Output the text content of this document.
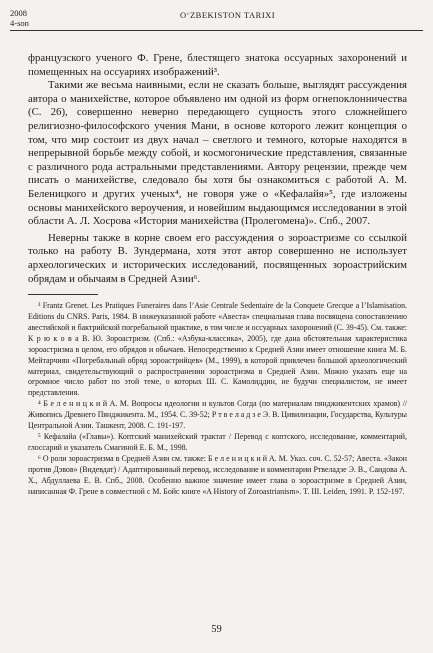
2008
4-son
O‘ZBEKISTON TARIXI

французского ученого Ф. Грене, блестящего знатока оссуарных захоронений и помещенных на оссуариях изображений³.

Такими же весьма наивными, если не сказать больше, выглядят рассуждения автора о манихействе, которое объявлено им одной из форм огнепоклонничества (С. 26), совершенно неверно передающего сущность этого сложнейшего религиозно-философского учения Мани, в основе которого лежит концепция о том, что мир состоит из двух начал – светлого и темного, которые находятся в непрерывной борьбе между собой, и космогонические представления, связанные с различного рода астральными представлениями. Автору рецензии, прежде чем писать о манихействе, следовало бы хотя бы ознакомиться с работой А. М. Беленицкого и других ученых⁴, не говоря уже о «Кефалайя»⁵, где изложены основы манихейского вероучения, и новейшим выдающимся исследовании в этой области А. Л. Хосрова «История манихейства (Пролегомена)». Спб., 2007.

Неверны также в корне своем его рассуждения о зороастризме со ссылкой только на работу В. Зундермана, хотя этот автор совершенно не использует археологических и исторических исследований, посвященных зороастрийским обрядам и обычаям в Средней Азии⁶.

³ Frantz Grenet. Les Pratiques Funeraires dans l’Asie Centrale Sedentaire de la Conquete Grecque a l’Islamisation. Editions du CNRS. Paris, 1984. В нижеуказанной работе «Авеста» специальная глава посвящена сопоставлению авестийской и бактрийской погребальной практике, в том числе и оссуарных захоронений (С. 39-45). См. также: К р ю к о в а В. Ю. Зороастризм. (Спб.: «Азбука-классика», 2005), где дана обстоятельная характеристика зороастризма в целом, его обрядов и обычаев. Непосредственно к Средней Азии имеет отношение книга М. Б. Мейтарчиян «Погребальный обряд зороастрийцев» (М., 1999), в которой привлечен большой археологический материал, свидетельствующий о распространении зороастризма в Средней Азии. Можно указать еще на огромное число работ по этой теме, о которых Ш. С. Камолиддин, не будучи специалистом, не имеет представления.

⁴ Б е л е н и ц к и й А. М. Вопросы идеологии и культов Согда (по материалам пянджикентских храмов) // Живопись Древнего Пянджикента. М., 1954. С. 39-52; Р т в е л а д з е Э. В. Цивилизации, Государства, Культуры Центральной Азии. Ташкент, 2008. С. 191-197.

⁵ Кефалайа («Главы»). Коптский манихейский трактат / Перевод с коптского, исследование, комментарий, глоссарий и указатель Смагиной Е. Б. М., 1998.

⁶ О роли зороастризма в Средней Азии см. также: Б е л е н и ц к и й А. М. Указ. соч. С. 52-57; Авеста. «Закон против Дэвов» (Видевдат) / Адаптированный перевод, исследование и комментарии Ртвеладзе Э. В., Саидова А. Х., Абдуллаева Е. В. Спб., 2008. Особенно важное значение имеет глава о зороастризме в Средней Азии, написанная Ф. Грене в совместной с М. Бойс книге «A History of Zoroastrianism». T. III. Leiden, 1991. P. 152-197.

59
